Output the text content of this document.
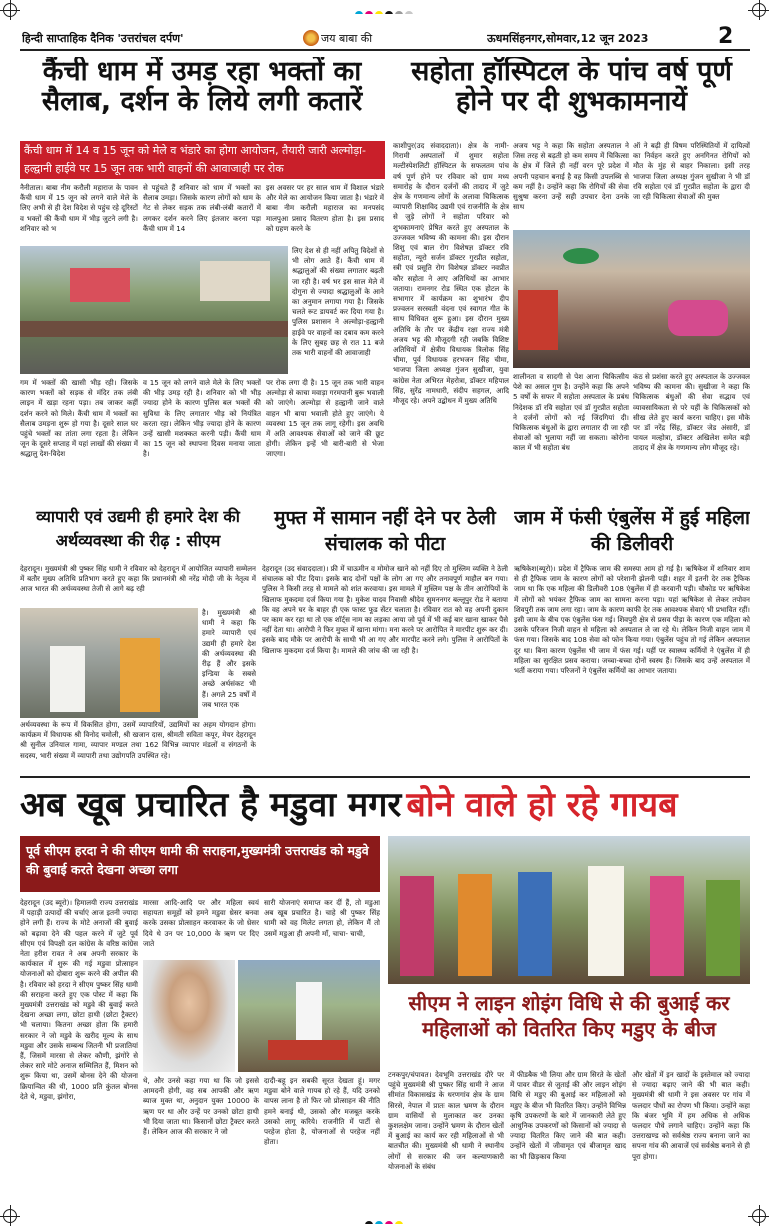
हिन्दी साप्ताहिक दैनिक 'उत्तरांचल दर्पण'	जय बाबा की	ऊधमसिंहनगर,सोमवार,12 जून 2023	2
कैंची धाम में उमड़ रहा भक्तों का सैलाब, दर्शन के लिये लगी कतारें
कैंची धाम में 14 व 15 जून को मेले व भंडारे का होगा आयोजन, तैयारी जारी अल्मोड़ा-हल्द्वानी हाईवे पर 15 जून तक भारी वाहनों की आवाजाही पर रोक
नैनीताल। बाबा नीम करौली महाराज के पावन कैंची धाम में 15 जून को लगने वाले मेले के लिए अभी से ही देश विदेश से पहुंच रहे दूरिस्टों व भक्तों की कैंची धाम में भीड़ जुटने लगी है। शनिवार को भ
से पहुंचते हैं शनिवार को धाम में भक्तों का सैलाब उमड़ा। जिसके कारण लोगों को धाम के गेट से लेकर सड़क तक लंबी-लंबी कतारों में लगकर दर्शन करने लिए इंतजार करना पड़ा कैंची धाम में 14
इस अवसर पर हर साल धाम में विशाल भंडारे और मेले का आयोजन किया जाता है। भंडारे में बाबा नीम करौली महाराज का मनपसंद मालपुआ प्रसाद वितरण होता है। इस प्रसाद को ग्रहण करने के
लिए देश से ही नहीं अपितु विदेशों से भी लोग आते हैं। कैंची धाम में श्रद्धालुओं की संख्या लगातार बढ़ती जा रही है। वर्ष भर इस साल मेले में दोगुना से ज्यादा श्रद्धालुओं के आने का अनुमान लगाया गया है। जिसके चलते रूट डायवर्ट कर दिया गया है। पुलिस प्रशासन ने अल्मोड़ा-हल्द्वानी हाईवे पर वाहनों का दबाव कम करने के लिए सुबह छह से रात 11 बजे तक भारी वाहनों की आवाजाही
गम में भक्तों की खासी भीड़ रही। जिसके कारण भक्तों को सड़क से मंदिर तक लंबी लाइन में खड़ा रहना पड़ा। तब जाकर कहीं दर्शन करने को मिले। कैंची धाम में भक्तों का सैलाब उमड़ना शुरू हो गया है। दूसरे साल घर पहुंचे भक्तों का तांता लगा रहता है। लेकिन जून के दूसरे सप्ताह में यहां लाखों की संख्या में श्रद्धालु देश-विदेश
व 15 जून को लगने वाले मेले के लिए भक्तों की भीड़ उमड़ रही है। शनिवार को भी भीड़ ज्यादा होने के कारण पुलिस बल भक्तों की सुविधा के लिए लगातार भीड़ को नियंत्रित करता रहा। लेकिन भीड़ ज्यादा होने के कारण उन्हें खासी मशक्कत करनी पड़ी। कैंची धाम का 15 जून को स्थापना दिवस मनाया जाता है।
पर रोक लगा दी है। 15 जून तक भारी वाहन अल्मोड़ा से काचा मवाड़ा गरमपानी बुरू भवाली को जाएंगे। अल्मोड़ा से हल्द्वानी जाने वाले वाहन भी बाया भवाली होते हुए जाएंगे। ये व्यवस्था 15 जून तक लागू रहेगी। इस अवधि में अति आवश्यक सेवाओं को जाने की छूट होगी। लेकिन इन्हें भी बारी-बारी से भेजा जाएगा।
सहोता हॉस्पिटल के पांच वर्ष पूर्ण होने पर दी शुभकामनायें
काशीपुर(उद संवाददाता)। क्षेत्र के नामी-गिरामी अस्पतालों में शुमार सहोता मल्टीस्पेशलिटी हॉस्पिटल के सफलतम पांच वर्ष पूर्ण होने पर रविवार को ग्राम मध्य समारोह के दौरान दर्जनों की तादाद में जुटे क्षेत्र के गणमान्य लोगों के अलावा चिकित्सक व्यापारी शिक्षाविद उद्यमी एवं राजनीति के क्षेत्र से जुड़े लोगों ने सहोता परिवार को शुभकामनाएं प्रेषित करते हुए अस्पताल के उज्जवल भविष्य की कामना की। इस दौरान शिशु एवं बाल रोग विशेषज्ञ डॉक्टर रवि सहोता, न्यूरो सर्जन डॉक्टर गुरप्रीत सहोता, स्त्री एवं प्रसूति रोग विशेषज्ञ डॉक्टर नवप्रीत कौर सहोता ने आए अतिथियों का आभार जताया। रामनगर रोड स्थित एक होटल के सभागार में कार्यक्रम का शुभारंभ दीप प्रज्वलन सरस्वती वंदना एवं स्वागत गीत के साथ विधिवत शुरू हुआ। इस दौरान मुख्य अतिथि के तौर पर केंद्रीय रक्षा राज्य मंत्री अजय भट्ट की मौजूदगी रही जबकि विशिष्ट अतिथियों में क्षेत्रीय विधायक त्रिलोक सिंह चीमा, पूर्व विधायक हरभजन सिंह चीमा, भाजपा जिला अध्यक्ष गुंजन सुखीजा, युवा कांग्रेस नेता अभिरत मेहरोत्रा, डॉक्टर महिपाल सिंह, सुरेंद्र नामधारी, संदीप सहगल, आदि मौजूद रहे। अपने उद्बोधन में मुख्य अतिथि
अजय भट्ट ने कहा कि सहोता अस्पताल ने जिस तरह से बढ़ती हो कम समय में चिकित्सा के क्षेत्र में जिले ही नहीं वरन पूरे प्रदेश में अपनी पहचान बनाई है वह किसी उपलब्धि से कम नहीं है। उन्होंने कहा कि रोगियों की सेवा सुश्रुषा करना उन्हें सही उपचार देना उनके साथ
ऑ ने बढ़ी ही विषम परिस्थितियों में दायित्वों का निर्वहन करते हुए अनगिनत रोगियों को मौत के मुंह से बाहर निकाला। इसी तरह भाजपा जिला अध्यक्ष गुंजन सुखीजा ने भी डॉ रवि सहोता एवं डॉ गुरप्रीत सहोता के द्वारा दी जा रही चिकित्सा सेवाओं की मुक्त
शालीनता व सादगी से पेश आना चिकित्सीय पेशे का असल गुण है। उन्होंने कहा कि अपने 5 वर्षों के सफर में सहोता अस्पताल के प्रबंध निदेशक डॉ रवि सहोता एवं डॉ गुरप्रीत सहोता ने दर्जनों लोगों को नई जिंदगियां दी। चिकित्सक बंधुओं के द्वारा लगातार दी जा रही सेवाओं को भुलाया नहीं जा सकता। कोरोना काल में भी सहोता बंध
कंठ से प्रशंसा करते हुए अस्पताल के उज्जवल भविष्य की कामना की। सुखीजा ने कहा कि चिकित्सक बंधुओं की सेवा सद्भाव एवं व्यावसायिकता से परे यहीं के चिकित्सकों को सीख लेते हुए कार्य करना चाहिए। इस मौके पर डॉ नरेंद्र सिंह, डॉक्टर जेड अंसारी, डॉ पायल मल्होत्रा, डॉक्टर अखिलेश समेत बड़ी तादाद में क्षेत्र के गणमान्य लोग मौजूद रहे।
व्यापारी एवं उद्यमी ही हमारे देश की अर्थव्यवस्था की रीढ़ : सीएम
देहरादून। मुख्यमंत्री श्री पुष्कर सिंह धामी ने रविवार को देहरादून में आयोजित व्यापारी सम्मेलन में बतौर मुख्य अतिथि प्रतिभाग करते हुए कहा कि प्रधानमंत्री श्री नरेंद्र मोदी जी के नेतृत्व में आज भारत की अर्थव्यवस्था तेजी से आगे बढ़ रही
है। मुख्यमंत्री श्री धामी ने कहा कि हमारे व्यापारी एवं उद्यमी ही हमारे देश की अर्थव्यवस्था की रीढ़ हैं और इसके इन्डिया के सबसे अच्छे अर्थसंकट भी हैं। अगले 25 वर्षों में जब भारत एक
अर्थव्यवस्था के रूप में विकसित होगा, उसमें व्यापारियों, उद्यमियों का अहम योगदान होगा। कार्यक्रम में विधायक श्री विनोद चमोली, श्री खजान दास, श्रीमती सविता कपूर, मेयर देहरादून श्री सुनील उनियाल गामा, व्यापार मण्डल तथा 162 विभिन्न व्यापार मंडलों व संगठनों के सदस्य, भारी संख्या में व्यापारी तथा उद्योगपति उपस्थित रहे।
मुफ्त में सामान नहीं देने पर ठेली संचालक को पीटा
देहरादून (उद संवाददाता)। फ्री में चाऊमीन व मोमोज खाने को नहीं दिए तो मुस्लिम व्यक्ति ने ठेली संचालक को पीट दिया। इसके बाद दोनों पक्षों के लोग आ गए और तनावपूर्ण माहौल बन गया। पुलिस ने किसी तरह से मामले को शांत करवाया। इस मामले में मुस्लिम पक्ष के तीन आरोपियों के खिलाफ मुकदमा दर्ज किया गया है। मुकेश यादव निवासी श्रीदेव सुमननगर बल्लूपुर रोड ने बताया कि वह अपने घर के बाहर ही एक फास्ट फूड सेंटर चलाता है। रविवार रात को वह अपनी दुकान पर काम कर रहा था तो एक शॉर्ट्स नाम का लड़का आया जो पूर्व में भी कई बार खाना खाकर पैसे नहीं देता था। आरोपी ने फिर मुफ्त में खाना मांगा। मना करने पर आरोपित ने मारपीट शुरू कर दी। इसके बाद मौके पर आरोपी के साथी भी आ गए और मारपीट करने लगे। पुलिस ने आरोपितों के खिलाफ मुकदमा दर्ज किया है। मामले की जांच की जा रही है।
जाम में फंसी एंबुलेंस में हुई महिला की डिलीवरी
ऋषिकेश(ब्यूरो)। प्रदेश में ट्रैफिक जाम की समस्या आम हो गई है। ऋषिकेश में शनिवार शाम से ही ट्रैफिक जाम के कारण लोगों को परेशानी झेलनी पड़ी। शहर में इतनी देर तक ट्रैफिक जाम था कि एक महिला की डिलीवरी 108 एंबुलेंस में ही करवानी पड़ी। चौकोड पर ऋषिकेश में लोगों को भयंकर ट्रैफिक जाम का सामना करना पड़ा। यहां ऋषिकेश से लेकर तपोवन शिवपुरी तक जाम लगा रहा। जाम के कारण काफी देर तक आवश्यक सेवाएं भी प्रभावित रहीं। इसी जाम के बीच एक एंबुलेंस फंस गई। शिवपुरी क्षेत्र से प्रसव पीड़ा के कारण एक महिला को उसके परिजन निजी वाहन से महिला को अस्पताल ले जा रहे थे। लेकिन निजी वाहन जाम में फंस गया। जिसके बाद 108 सेवा को फोन किया गया। एंबुलेंस पहुंच तो गई लेकिन अस्पताल दूर था। बिना कारण एंबुलेंस भी जाम में फंस गई। यहीं पर स्वास्थ्य कर्मियों ने एंबुलेंस में ही महिला का सुरक्षित प्रसव कराया। जच्चा-बच्चा दोनों स्वस्थ हैं। जिसके बाद उन्हें अस्पताल में भर्ती कराया गया। परिजनों ने एंबुलेंस कर्मियों का आभार जताया।
अब खूब प्रचारित है मडुवा मगर बोने वाले हो रहे गायब
पूर्व सीएम हरदा ने की सीएम धामी की सराहना,मुख्यमंत्री उत्तराखंड को मडुवे की बुवाई करते देखना अच्छा लगा
देहरादून (उद ब्यूरो)। हिमालयी राज्य उत्तराखंड में पहाड़ी उत्पादों की चर्चाएं आज इतनी ज्यादा होने लगी हैं। राज्य के मोटे अनाजों की बुवाई को बढ़ावा देने की पहल करने में जुटे पूर्व सीएम एवं विपक्षी दल कांग्रेस के वरिष्ठ कांग्रेस नेता हरीश रावत ने अब अपनी सरकार के कार्यकाल में शुरू की गई मडुवा प्रोत्साहन योजनाओं को दोबारा शुरू करने की अपील की है। रविवार को हरदा ने सीएम पुष्कर सिंह धामी की सराहना करते हुए एक पोस्ट में कहा कि मुख्यमंत्री उत्तराखंड को मडुवे की बुवाई करते देखना अच्छा लगा, छोटा हाथी (छोटा ट्रैक्टर) भी चलाया। कितना अच्छा होता कि हमारी सरकार ने जो मडुवे के खरीद मूल्य के साथ मडुवा और उसके सम्बन्ध जितनी भी प्रजातियां हैं, जिसमें मारसा से लेकर कौणी, झंगोरे से लेकर सारे मोटे अनाज सम्मिलित हैं, मिशन को शुरू किया था, उसमें बोनस देने की योजना क्रियान्वित की थी, 1000 प्रति कुंतल बोनस देते थे, मडुवा, झंगोरा,
मारसा आदि-आदि पर और महिला स्वयं सहायता समूहों को हमने मडुवा थ्रेसर बनवा करके उसका प्रोत्साहन करवाकर के जो थ्रेसर दिये थे उन पर 10,000 के ऋण पर दिए जाते
सारी योजनाएं समाप्त कर दीं हैं, तो मडुआ अब खूब प्रचारित है। चाहे श्री पुष्कर सिंह धामी को वह मिलेट लगता हो, लेकिन मैं तो उसमें मडुआ ही अपनी माँ, चाचा- चाची,
थे, और उनसे कहा गया था कि जो इससे आमदनी होगी, वह सब आपकी और ऋण ब्याज मुक्त था, अनुदान युक्त 10000 के ऋण पर था और उन्हें पर उनको छोटा हाथी भी दिया जाता था। किसानों छोटा ट्रैक्टर करते हैं। लेकिन आज की सरकार ने जो
दादी-बहू इन सबकी सूरत देखता हूं। मगर मडुवा बोने वाले गायब हो रहे हैं, यदि उनको वापस लाना है तो फिर जो प्रोत्साहन की नीति हमने बनाई थी, उसको और मजबूत करके उसको लागू करिये। राजनीति में पार्टी से परहेज होता है, योजनाओं से परहेज नहीं होता।
सीएम ने लाइन शोइंग विधि से की बुआई कर महिलाओं को वितरित किए मडुए के बीज
टनकपुर/चंपावत। देवभूमि उत्तराखंड दौरे पर पहुंचे मुख्यमंत्री श्री पुष्कर सिंह धामी ने आज सीमांत विकासखंड के धरणगांव क्षेत्र के ग्राम सिरसे, नेपाल में प्रातः काल भ्रमण के दौरान ग्राम वासियों से मुलाकात कर उनका कुशलक्षेम जाना। उन्होंने भ्रमण के दौरान खेतों में बुआई का कार्य कर रही महिलाओं से भी बातचीत की। मुख्यमंत्री श्री धामी ने स्थानीय लोगों से सरकार की जन कल्याणकारी योजनाओं के संबंध
में फीडबैक भी लिया और ग्राम सिरते के खेतों में पावर वीडर से जुताई की और लाइन शोइंग विधि से मडुए की बुआई कर महिलाओं को मडुए के बीज भी वितरित किए। उन्होंने विभिन्न कृषि उपकरणों के बारे में जानकारी लेते हुए आधुनिक उपकरणों को किसानों को ज्यादा से ज्यादा वितरित किए जाने की बात कही। उन्होंने खेतों में जीवामृत एवं बीजामृत खाद का भी छिड़काव किया
और खेतों में इन खादों के इस्तेमाल को ज्यादा से ज्यादा बढ़ाए जाने की भी बात कही। मुख्यमंत्री श्री धामी ने इस अवसर पर गांव में फलदार पौधों का रोपण भी किया। उन्होंने कहा कि बंजर भूमि में हम अधिक से अधिक फलदार पौधे लगाने चाहिए। उन्होंने कहा कि उत्तराखण्ड को सर्वश्रेष्ठ राज्य बनाना जाने का सपना गांव की आवाजें एवं सर्वश्रेष्ठ बनाने से ही पूरा होगा।
